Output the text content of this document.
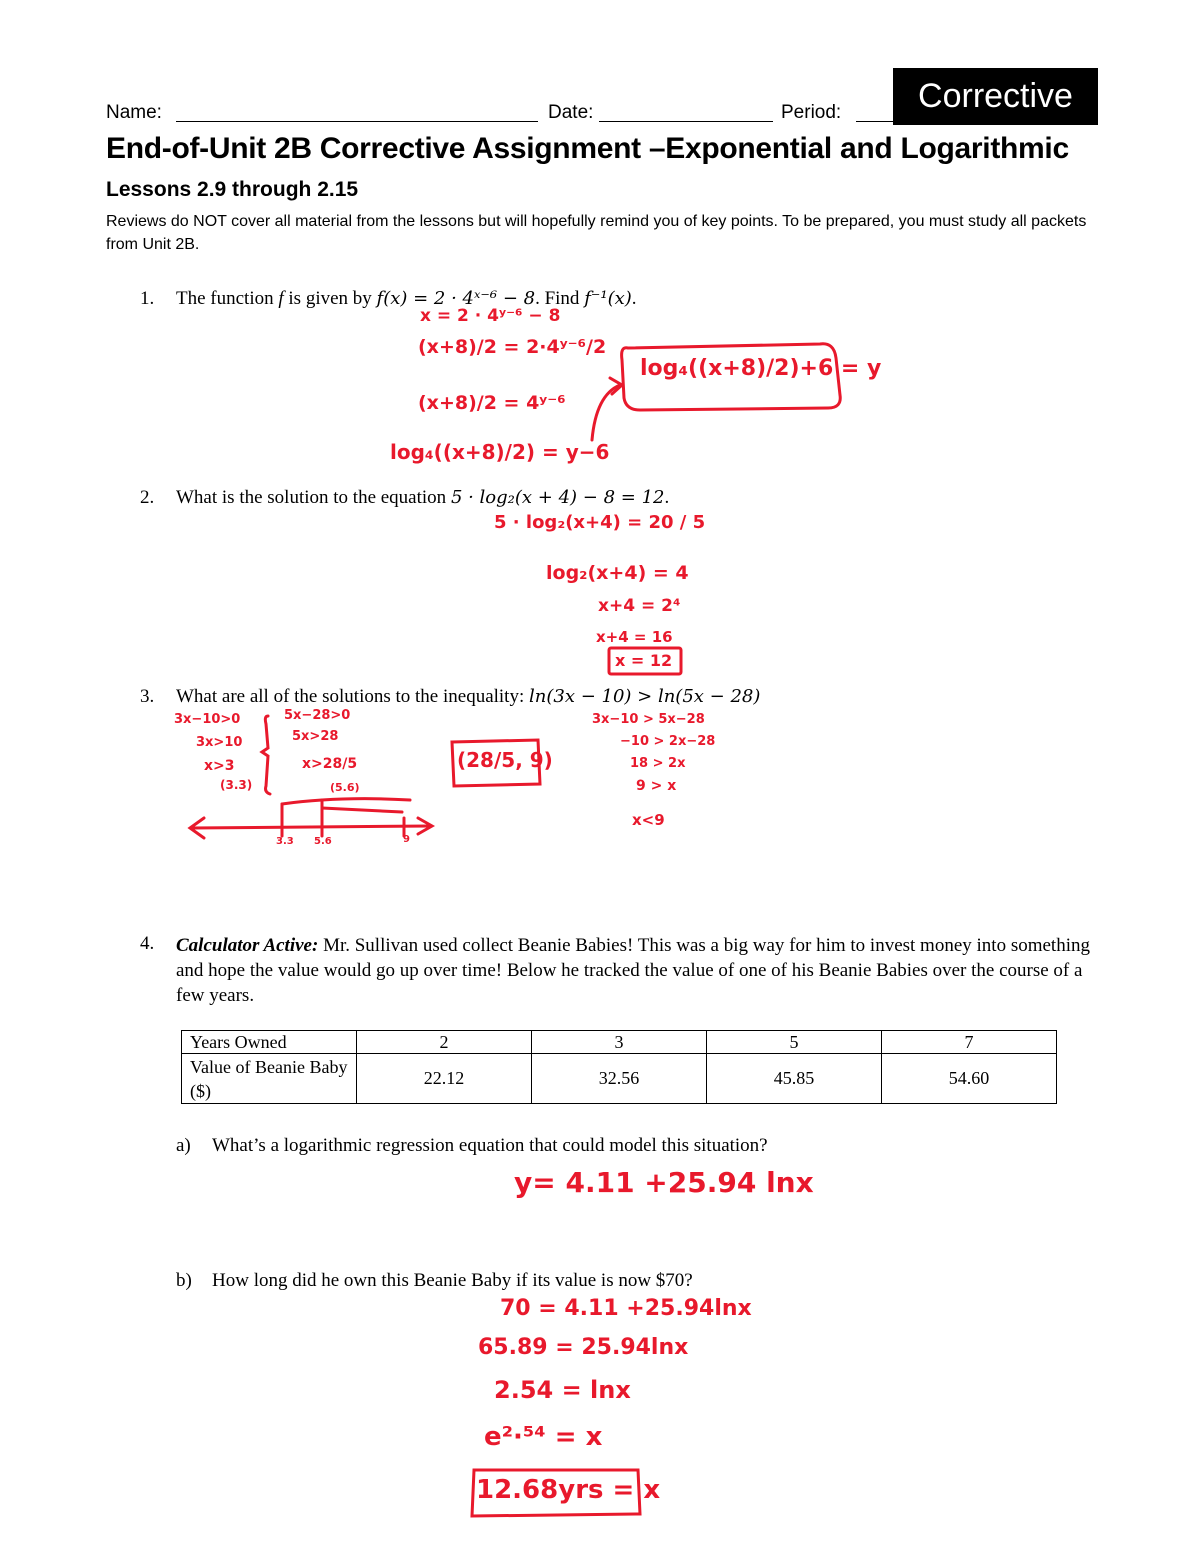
Name:	Date:	Period:	Corrective
End-of-Unit 2B Corrective Assignment –Exponential and Logarithmic
Lessons 2.9 through 2.15
Reviews do NOT cover all material from the lessons but will hopefully remind you of key points. To be prepared, you must study all packets from Unit 2B.
1. The function f is given by f(x) = 2 · 4ˣ⁻⁶ − 8. Find f⁻¹(x).
x = 2 · 4ʸ⁻⁶ − 8
(x+8)/2 = 2·4ʸ⁻⁶/2
(x+8)/2 = 4ʸ⁻⁶
log₄((x+8)/2) = y−6
log₄((x+8)/2)+6 = y
2. What is the solution to the equation 5 · log₂(x + 4) − 8 = 12.
5 · log₂(x+4) = 20 / 5
log₂(x+4) = 4
x+4 = 2⁴
x+4 = 16
x = 12
3. What are all of the solutions to the inequality: ln(3x − 10) > ln(5x − 28)
3x−10>0
3x>10
x>3
(3.3)
5x−28>0
5x>28
x>28/5
(5.6)
(28/5, 9)
3x−10 > 5x−28
−10 > 2x−28
18 > 2x
9 > x
x<9
3.3 5.6	9
4. Calculator Active: Mr. Sullivan used collect Beanie Babies! This was a big way for him to invest money into something and hope the value would go up over time! Below he tracked the value of one of his Beanie Babies over the course of a few years.
Years Owned	2	3	5	7
Value of Beanie Baby ($)	22.12	32.56	45.85	54.60
a) What’s a logarithmic regression equation that could model this situation?
y= 4.11 +25.94 lnx
b) How long did he own this Beanie Baby if its value is now $70?
70 = 4.11 +25.94lnx
65.89 = 25.94lnx
2.54 = lnx
e²·⁵⁴ = x
12.68yrs = x
